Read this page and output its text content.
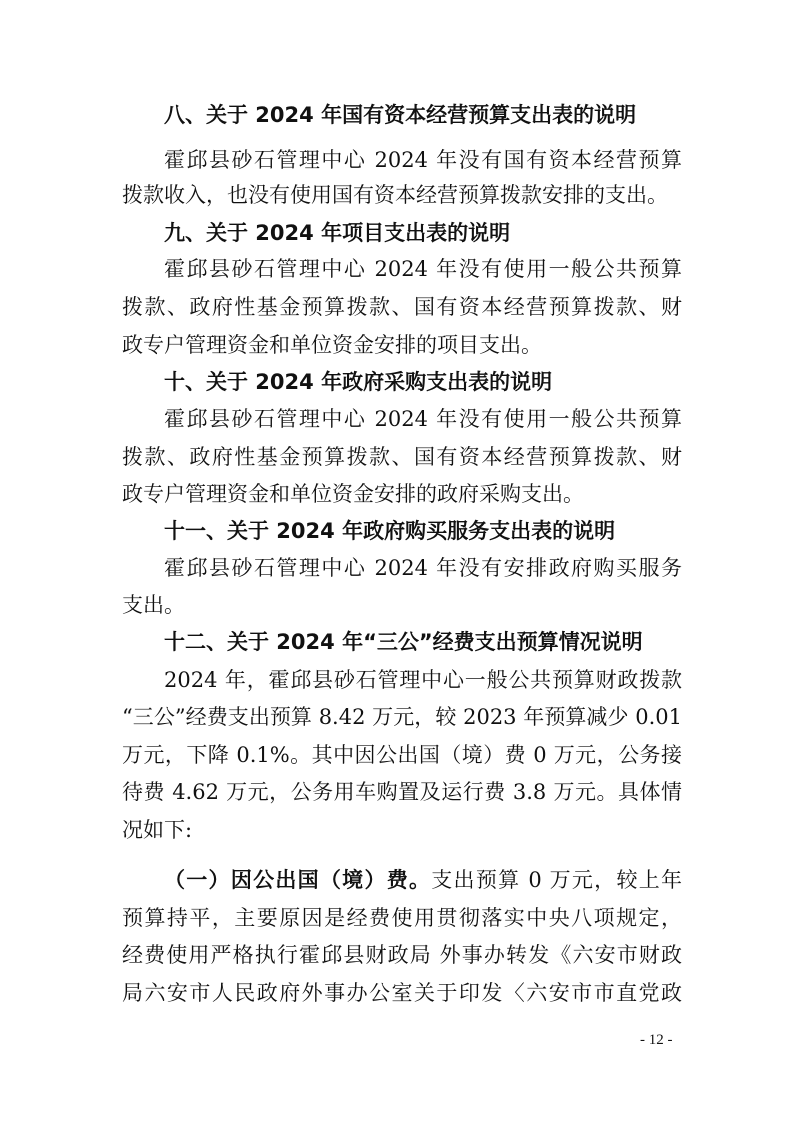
八、关于 2024 年国有资本经营预算支出表的说明
霍邱县砂石管理中心 2024 年没有国有资本经营预算
拨款收入，也没有使用国有资本经营预算拨款安排的支出。
九、关于 2024 年项目支出表的说明
霍邱县砂石管理中心 2024 年没有使用一般公共预算
拨款、政府性基金预算拨款、国有资本经营预算拨款、财
政专户管理资金和单位资金安排的项目支出。
十、关于 2024 年政府采购支出表的说明
霍邱县砂石管理中心 2024 年没有使用一般公共预算
拨款、政府性基金预算拨款、国有资本经营预算拨款、财
政专户管理资金和单位资金安排的政府采购支出。
十一、关于 2024 年政府购买服务支出表的说明
霍邱县砂石管理中心 2024 年没有安排政府购买服务
支出。
十二、关于 2024 年“三公”经费支出预算情况说明
2024 年，霍邱县砂石管理中心一般公共预算财政拨款
“三公”经费支出预算 8.42 万元，较 2023 年预算减少 0.01
万元，下降 0.1%。其中因公出国（境）费 0 万元，公务接
待费 4.62 万元，公务用车购置及运行费 3.8 万元。具体情
况如下:
（一）因公出国（境）费。支出预算 0 万元，较上年
预算持平，主要原因是经费使用贯彻落实中央八项规定，
经费使用严格执行霍邱县财政局 外事办转发《六安市财政
局六安市人民政府外事办公室关于印发〈六安市市直党政
- 12 -
